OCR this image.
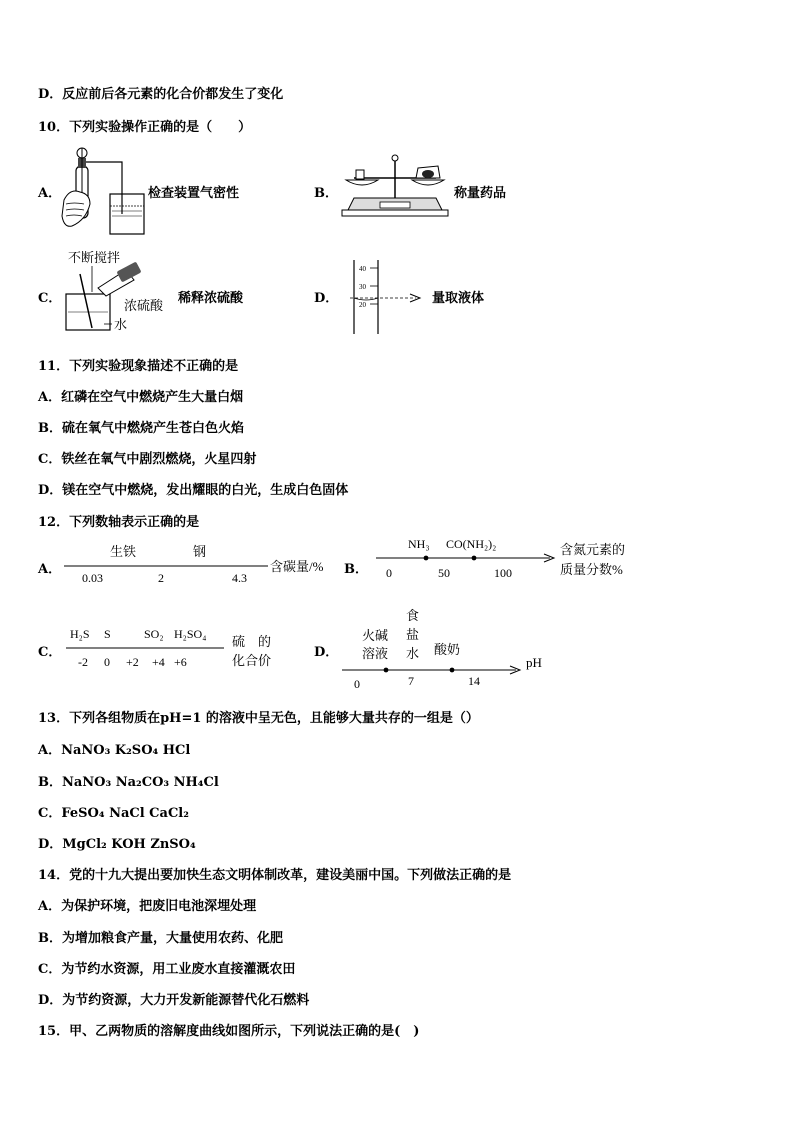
D．反应前后各元素的化合价都发生了变化
10．下列实验操作正确的是（　　）
A．	检查装置气密性	B．	称量药品
C．
不断搅拌
浓硫酸
水
稀释浓硫酸	D．
40
30
20	量取液体
11．下列实验现象描述不正确的是
A．红磷在空气中燃烧产生大量白烟
B．硫在氧气中燃烧产生苍白色火焰
C．铁丝在氧气中剧烈燃烧，火星四射
D．镁在空气中燃烧，发出耀眼的白光，生成白色固体
12．下列数轴表示正确的是
A．
生铁	钢
0.03	2	4.3
含碳量/% B．
NH₃ CO(NH₂)₂
0	50	100
含氮元素的
质量分数%
C．
H₂S S	SO₂ H₂SO₄
-2 0 +2 +4 +6
硫　的
化合价
D．
火碱
溶液
食
盐
水 酸奶
0	7	14
pH
13．下列各组物质在pH=1 的溶液中呈无色，且能够大量共存的一组是（）
A．NaNO₃ K₂SO₄ HCl
B．NaNO₃ Na₂CO₃ NH₄Cl
C．FeSO₄ NaCl CaCl₂
D．MgCl₂ KOH ZnSO₄
14．党的十九大提出要加快生态文明体制改革，建设美丽中国。下列做法正确的是
A．为保护环境，把废旧电池深埋处理
B．为增加粮食产量，大量使用农药、化肥
C．为节约水资源，用工业废水直接灌溉农田
D．为节约资源，大力开发新能源替代化石燃料
15．甲、乙两物质的溶解度曲线如图所示，下列说法正确的是(　)
